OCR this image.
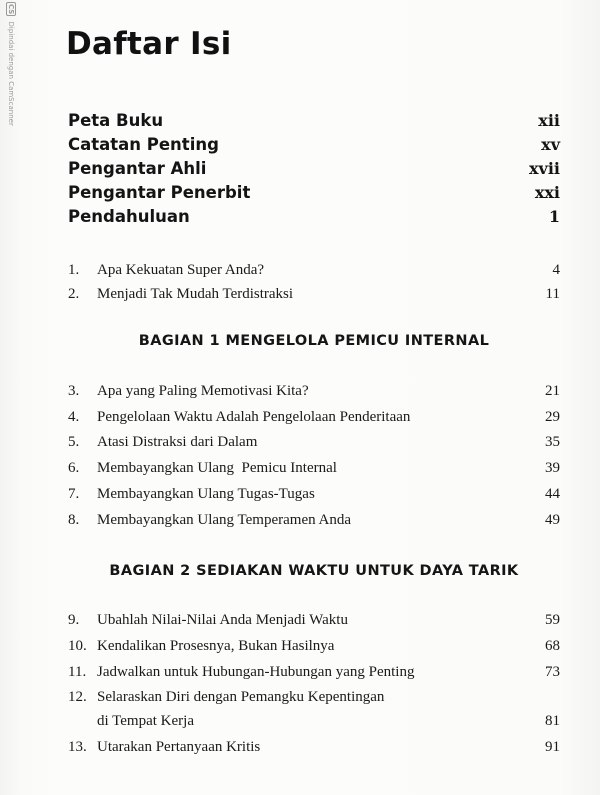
CS Dipindai dengan CamScanner Daftar Isi
Peta Buku	xii
Catatan Penting	xv
Pengantar Ahli	xvii
Pengantar Penerbit	xxi
Pendahuluan	1
1. Apa Kekuatan Super Anda?	4
2. Menjadi Tak Mudah Terdistraksi	11
BAGIAN 1 MENGELOLA PEMICU INTERNAL
3. Apa yang Paling Memotivasi Kita?	21
4. Pengelolaan Waktu Adalah Pengelolaan Penderitaan	29
5. Atasi Distraksi dari Dalam	35
6. Membayangkan Ulang  Pemicu Internal	39
7. Membayangkan Ulang Tugas-Tugas	44
8. Membayangkan Ulang Temperamen Anda	49
BAGIAN 2 SEDIAKAN WAKTU UNTUK DAYA TARIK
9. Ubahlah Nilai-Nilai Anda Menjadi Waktu	59
10. Kendalikan Prosesnya, Bukan Hasilnya	68
11. Jadwalkan untuk Hubungan-Hubungan yang Penting	73
12. Selaraskan Diri dengan Pemangku Kepentingan
di Tempat Kerja	81
13. Utarakan Pertanyaan Kritis	91
